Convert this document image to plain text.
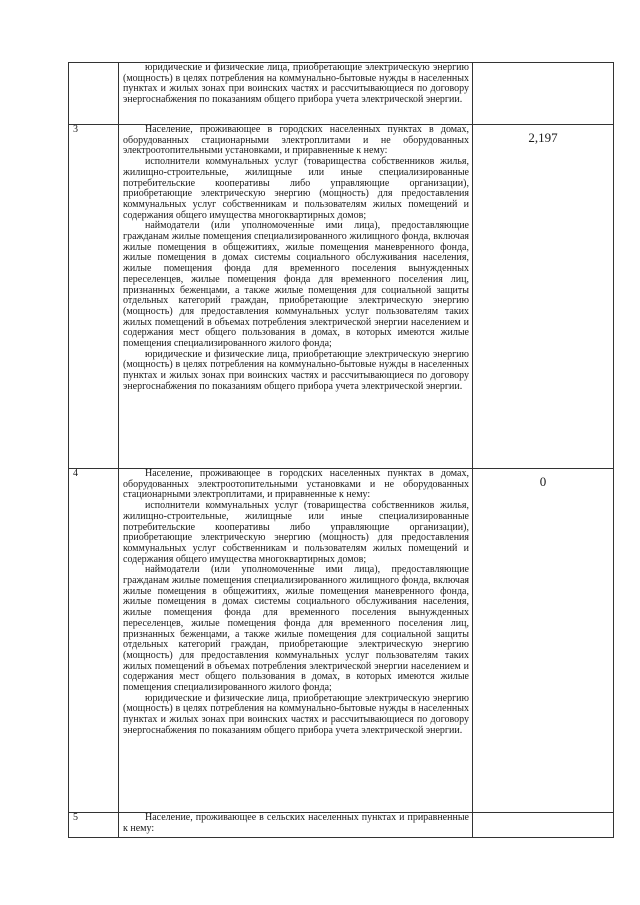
	юридические и физические лица, приобретающие электрическую энергию (мощность) в целях потребления на коммунально-бытовые нужды в населенных пунктах и жилых зонах при воинских частях и рассчитывающиеся по договору энергоснабжения по показаниям общего прибора учета электрической энергии.	

3	Население, проживающее в городских населенных пунктах в домах, оборудованных стационарными электроплитами и не оборудованных электроотопительными установками, и приравненные к нему:

исполнители коммунальных услуг (товарищества собственников жилья, жилищно-строительные, жилищные или иные специализированные потребительские кооперативы либо управляющие организации), приобретающие электрическую энергию (мощность) для предоставления коммунальных услуг собственникам и пользователям жилых помещений и содержания общего имущества многоквартирных домов;

наймодатели (или уполномоченные ими лица), предоставляющие гражданам жилые помещения специализированного жилищного фонда, включая жилые помещения в общежитиях, жилые помещения маневренного фонда, жилые помещения в домах системы социального обслуживания населения, жилые помещения фонда для временного поселения вынужденных переселенцев, жилые помещения фонда для временного поселения лиц, признанных беженцами, а также жилые помещения для социальной защиты отдельных категорий граждан, приобретающие электрическую энергию (мощность) для предоставления коммунальных услуг пользователям таких жилых помещений в объемах потребления электрической энергии населением и содержания мест общего пользования в домах, в которых имеются жилые помещения специализированного жилого фонда;

юридические и физические лица, приобретающие электрическую энергию (мощность) в целях потребления на коммунально-бытовые нужды в населенных пунктах и жилых зонах при воинских частях и рассчитывающиеся по договору энергоснабжения по показаниям общего прибора учета электрической энергии.	2,197

4	Население, проживающее в городских населенных пунктах в домах, оборудованных электроотопительными установками и не оборудованных стационарными электроплитами, и приравненные к нему:

исполнители коммунальных услуг (товарищества собственников жилья, жилищно-строительные, жилищные или иные специализированные потребительские кооперативы либо управляющие организации), приобретающие электрическую энергию (мощность) для предоставления коммунальных услуг собственникам и пользователям жилых помещений и содержания общего имущества многоквартирных домов;

наймодатели (или уполномоченные ими лица), предоставляющие гражданам жилые помещения специализированного жилищного фонда, включая жилые помещения в общежитиях, жилые помещения маневренного фонда, жилые помещения в домах системы социального обслуживания населения, жилые помещения фонда для временного поселения вынужденных переселенцев, жилые помещения фонда для временного поселения лиц, признанных беженцами, а также жилые помещения для социальной защиты отдельных категорий граждан, приобретающие электрическую энергию (мощность) для предоставления коммунальных услуг пользователям таких жилых помещений в объемах потребления электрической энергии населением и содержания мест общего пользования в домах, в которых имеются жилые помещения специализированного жилого фонда;

юридические и физические лица, приобретающие электрическую энергию (мощность) в целях потребления на коммунально-бытовые нужды в населенных пунктах и жилых зонах при воинских частях и рассчитывающиеся по договору энергоснабжения по показаниям общего прибора учета электрической энергии.	0

5	Население, проживающее в сельских населенных пунктах и приравненные к нему:	
